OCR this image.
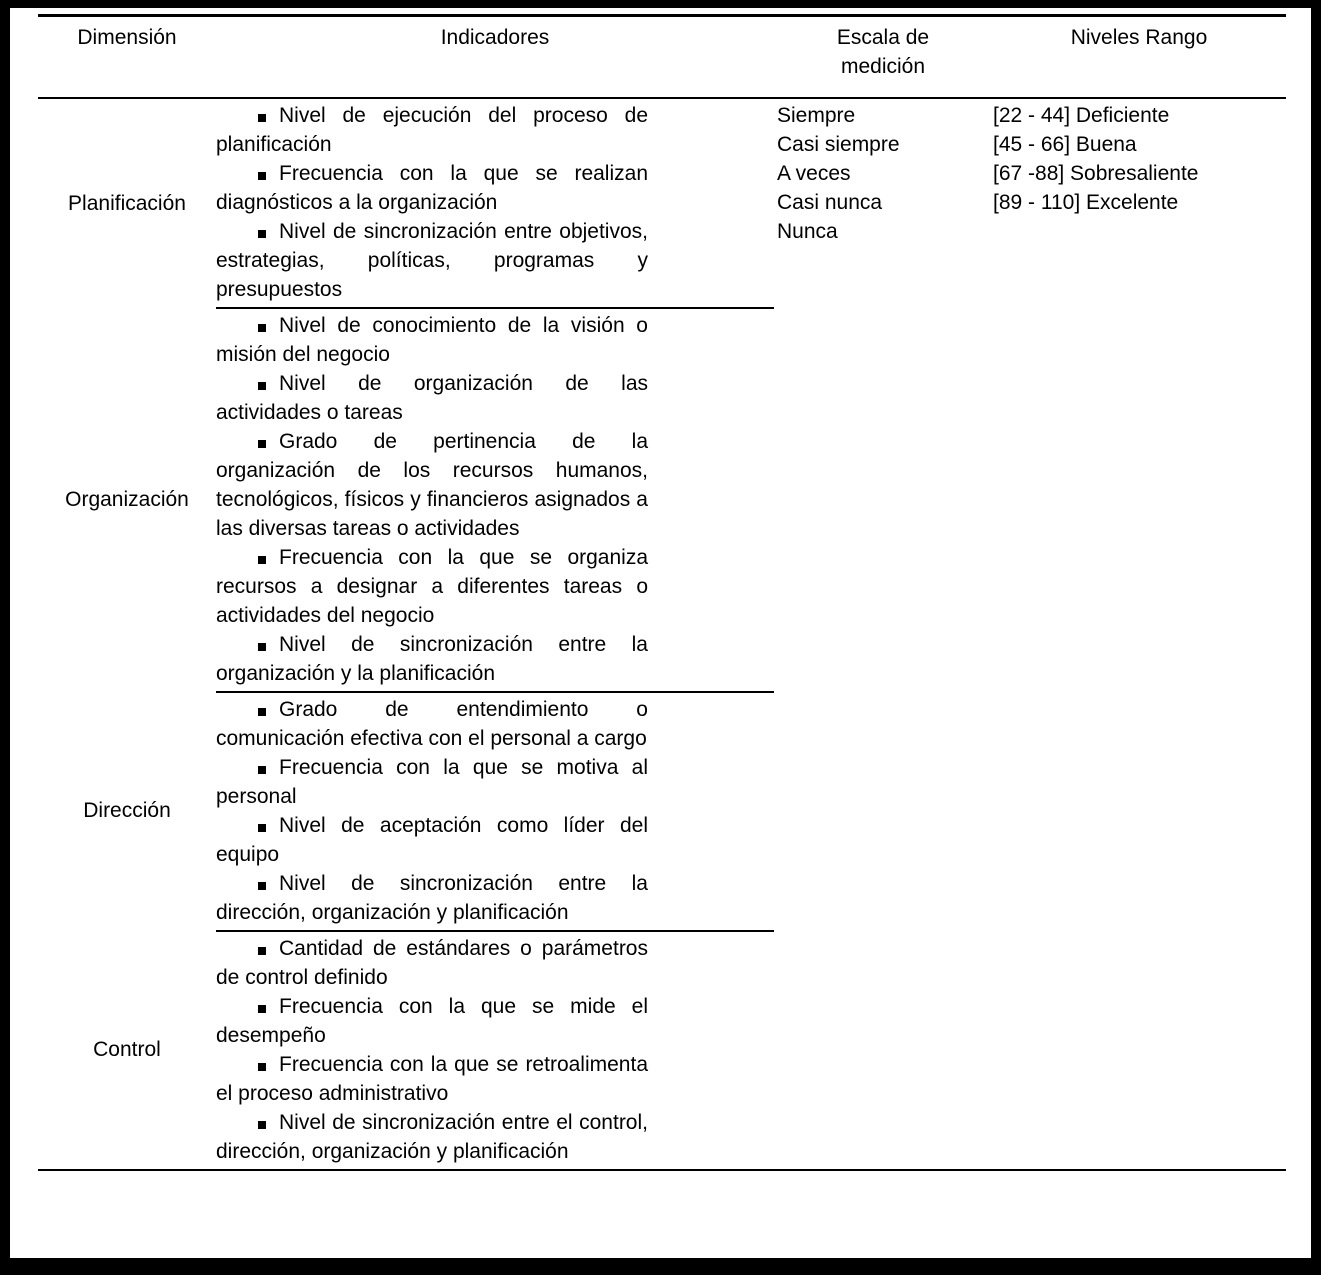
Dimensión	Indicadores	Escala de medición
Niveles Rango
Planificación

Nivel de ejecución del proceso de planificación

Frecuencia con la que se realizan diagnósticos a la organización

Nivel de sincronización entre objetivos, estrategias, políticas, programas y presupuestos

Siempre
Casi siempre
A veces
Casi nunca
Nunca
[22 - 44] Deficiente
[45 - 66] Buena
[67 -88] Sobresaliente
[89 - 110] Excelente
Organización

Nivel de conocimiento de la visión o misión del negocio

Nivel de organización de las actividades o tareas

Grado de pertinencia de la organización de los recursos humanos, tecnológicos, físicos y financieros asignados a las diversas tareas o actividades

Frecuencia con la que se organiza recursos a designar a diferentes tareas o actividades del negocio

Nivel de sincronización entre la organización y la planificación

Dirección

Grado de entendimiento o comunicación efectiva con el personal a cargo

Frecuencia con la que se motiva al personal

Nivel de aceptación como líder del equipo

Nivel de sincronización entre la dirección, organización y planificación

Control

Cantidad de estándares o parámetros de control definido

Frecuencia con la que se mide el desempeño

Frecuencia con la que se retroalimenta el proceso administrativo

Nivel de sincronización entre el control, dirección, organización y planificación
